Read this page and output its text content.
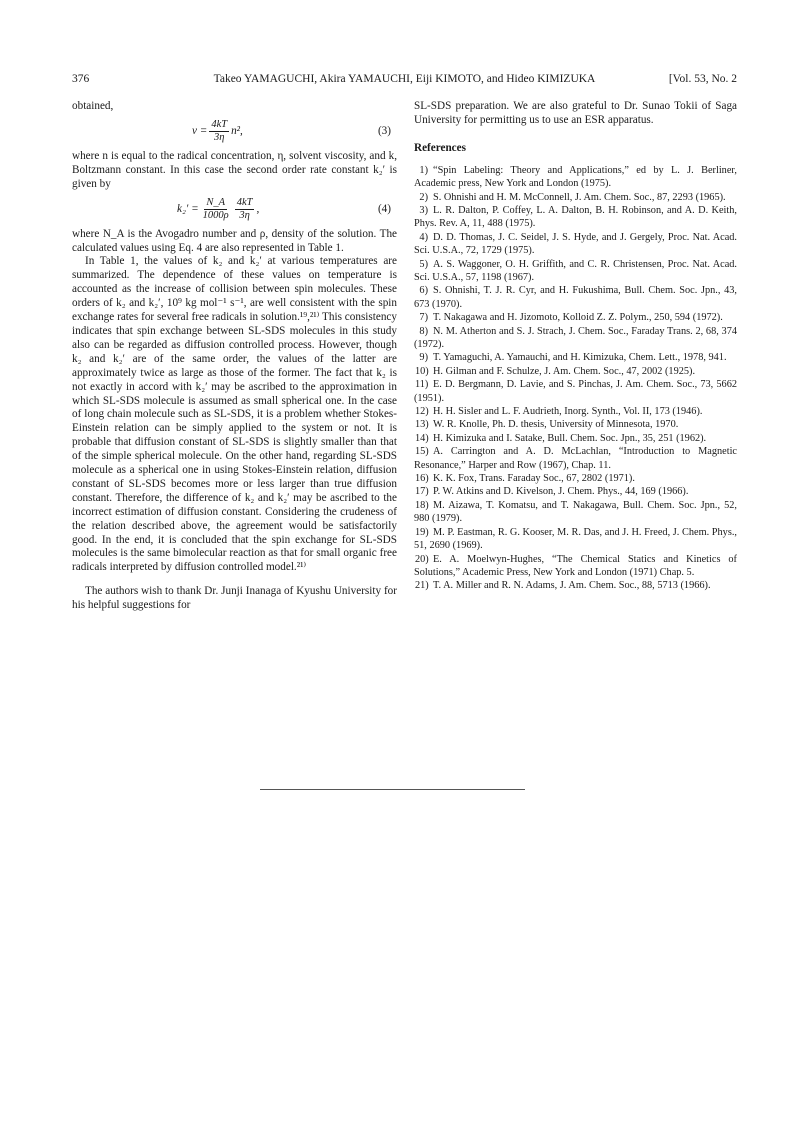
376	Takeo YAMAGUCHI, Akira YAMAUCHI, Eiji KIMOTO, and Hideo KIMIZUKA	[Vol. 53, No. 2

obtained,

$\nu = \frac{4kT}{3\eta} n^2$,	(3)

where n is equal to the radical concentration, η, solvent viscosity, and k, Boltzmann constant. In this case the second order rate constant k₂′ is given by

$k_2' = \frac{N\_A}{1000\rho} \frac{4kT}{3\eta}$ ,	(4)

where N_A is the Avogadro number and ρ, density of the solution. The calculated values using Eq. 4 are also represented in Table 1.

In Table 1, the values of k₂ and k₂′ at various temperatures are summarized. The dependence of these values on temperature is accounted as the increase of collision between spin molecules. These orders of k₂ and k₂′, 10⁹ kg mol⁻¹ s⁻¹, are well consistent with the spin exchange rates for several free radicals in solution.¹⁹,²¹⁾ This consistency indicates that spin exchange between SL-SDS molecules in this study also can be regarded as diffusion controlled process. However, though k₂ and k₂′ are of the same order, the values of the latter are approximately twice as large as those of the former. The fact that k₂ is not exactly in accord with k₂′ may be ascribed to the approximation in which SL-SDS molecule is assumed as small spherical one. In the case of long chain molecule such as SL-SDS, it is a problem whether Stokes-Einstein relation can be simply applied to the system or not. It is probable that diffusion constant of SL-SDS is slightly smaller than that of the simple spherical molecule. On the other hand, regarding SL-SDS molecule as a spherical one in using Stokes-Einstein relation, diffusion constant of SL-SDS becomes more or less larger than true diffusion constant. Therefore, the difference of k₂ and k₂′ may be ascribed to the incorrect estimation of diffusion constant. Considering the crudeness of the relation described above, the agreement would be satisfactorily good. In the end, it is concluded that the spin exchange for SL-SDS molecules is the same bimolecular reaction as that for small organic free radicals interpreted by diffusion controlled model.²¹⁾

The authors wish to thank Dr. Junji Inanaga of Kyushu University for his helpful suggestions for

SL-SDS preparation. We are also grateful to Dr. Sunao Tokii of Saga University for permitting us to use an ESR apparatus.

References

1) “Spin Labeling: Theory and Applications,” ed by L. J. Berliner, Academic press, New York and London (1975).

2) S. Ohnishi and H. M. McConnell, J. Am. Chem. Soc., 87, 2293 (1965).

3) L. R. Dalton, P. Coffey, L. A. Dalton, B. H. Robinson, and A. D. Keith, Phys. Rev. A, 11, 488 (1975).

4) D. D. Thomas, J. C. Seidel, J. S. Hyde, and J. Gergely, Proc. Nat. Acad. Sci. U.S.A., 72, 1729 (1975).

5) A. S. Waggoner, O. H. Griffith, and C. R. Christensen, Proc. Nat. Acad. Sci. U.S.A., 57, 1198 (1967).

6) S. Ohnishi, T. J. R. Cyr, and H. Fukushima, Bull. Chem. Soc. Jpn., 43, 673 (1970).

7) T. Nakagawa and H. Jizomoto, Kolloid Z. Z. Polym., 250, 594 (1972).

8) N. M. Atherton and S. J. Strach, J. Chem. Soc., Faraday Trans. 2, 68, 374 (1972).

9) T. Yamaguchi, A. Yamauchi, and H. Kimizuka, Chem. Lett., 1978, 941.

10) H. Gilman and F. Schulze, J. Am. Chem. Soc., 47, 2002 (1925).

11) E. D. Bergmann, D. Lavie, and S. Pinchas, J. Am. Chem. Soc., 73, 5662 (1951).

12) H. H. Sisler and L. F. Audrieth, Inorg. Synth., Vol. II, 173 (1946).

13) W. R. Knolle, Ph. D. thesis, University of Minnesota, 1970.

14) H. Kimizuka and I. Satake, Bull. Chem. Soc. Jpn., 35, 251 (1962).

15) A. Carrington and A. D. McLachlan, “Introduction to Magnetic Resonance,” Harper and Row (1967), Chap. 11.

16) K. K. Fox, Trans. Faraday Soc., 67, 2802 (1971).

17) P. W. Atkins and D. Kivelson, J. Chem. Phys., 44, 169 (1966).

18) M. Aizawa, T. Komatsu, and T. Nakagawa, Bull. Chem. Soc. Jpn., 52, 980 (1979).

19) M. P. Eastman, R. G. Kooser, M. R. Das, and J. H. Freed, J. Chem. Phys., 51, 2690 (1969).

20) E. A. Moelwyn-Hughes, “The Chemical Statics and Kinetics of Solutions,” Academic Press, New York and London (1971) Chap. 5.

21) T. A. Miller and R. N. Adams, J. Am. Chem. Soc., 88, 5713 (1966).
